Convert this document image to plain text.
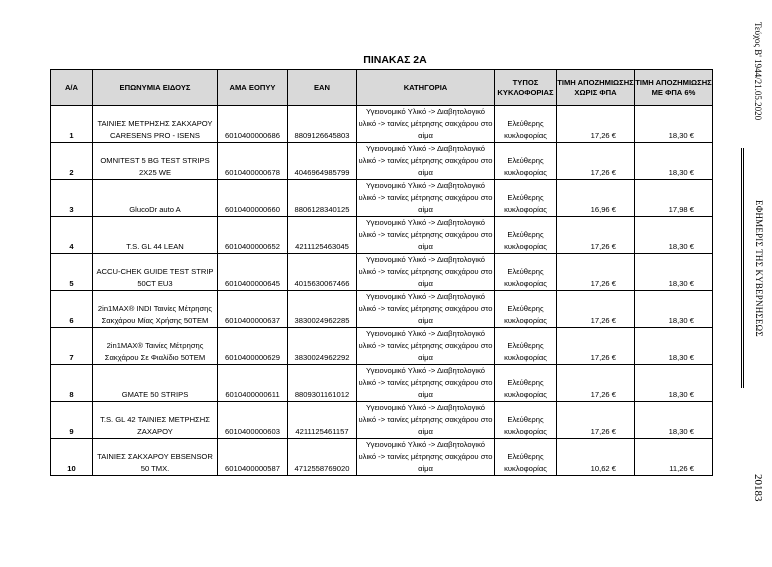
ΠΙΝΑΚΑΣ 2Α
Α/Α	ΕΠΩΝΥΜΙΑ ΕΙΔΟΥΣ	ΑΜΑ ΕΟΠΥΥ	ΕΑΝ	ΚΑΤΗΓΟΡΙΑ	ΤΥΠΟΣ ΚΥΚΛΟΦΟΡΙΑΣ	ΤΙΜΗ ΑΠΟΖΗΜΙΩΣΗΣ ΧΩΡΙΣ ΦΠΑ	ΤΙΜΗ ΑΠΟΖΗΜΙΩΣΗΣ ΜΕ ΦΠΑ 6%
1	ΤΑΙΝΙΕΣ ΜΕΤΡΗΣΗΣ ΣΑΚΧΑΡΟΥ CARESENS PRO - ISENS	6010400000686	8809126645803	Υγειονομικό Υλικό -> Διαβητολογικό υλικό -> ταινίες μέτρησης σακχάρου στο αίμα	Ελεύθερης κυκλοφορίας	17,26 €	18,30 €
2	OMNITEST 5 BG TEST STRIPS 2X25 WE	6010400000678	4046964985799	Υγειονομικό Υλικό -> Διαβητολογικό υλικό -> ταινίες μέτρησης σακχάρου στο αίμα	Ελεύθερης κυκλοφορίας	17,26 €	18,30 €
3	GlucoDr auto A	6010400000660	8806128340125	Υγειονομικό Υλικό -> Διαβητολογικό υλικό -> ταινίες μέτρησης σακχάρου στο αίμα	Ελεύθερης κυκλοφορίας	16,96 €	17,98 €
4	T.S. GL 44 LEAN	6010400000652	4211125463045	Υγειονομικό Υλικό -> Διαβητολογικό υλικό -> ταινίες μέτρησης σακχάρου στο αίμα	Ελεύθερης κυκλοφορίας	17,26 €	18,30 €
5	ACCU-CHEK GUIDE TEST STRIP 50CT EU3	6010400000645	4015630067466	Υγειονομικό Υλικό -> Διαβητολογικό υλικό -> ταινίες μέτρησης σακχάρου στο αίμα	Ελεύθερης κυκλοφορίας	17,26 €	18,30 €
6	2in1MAX® INDI Ταινίες Μέτρησης Σακχάρου Μίας Χρήσης 50TEM	6010400000637	3830024962285	Υγειονομικό Υλικό -> Διαβητολογικό υλικό -> ταινίες μέτρησης σακχάρου στο αίμα	Ελεύθερης κυκλοφορίας	17,26 €	18,30 €
7	2in1MAX® Ταινίες Μέτρησης Σακχάρου Σε Φιαλίδιο 50TEM	6010400000629	3830024962292	Υγειονομικό Υλικό -> Διαβητολογικό υλικό -> ταινίες μέτρησης σακχάρου στο αίμα	Ελεύθερης κυκλοφορίας	17,26 €	18,30 €
8	GMATE 50 STRIPS	6010400000611	8809301161012	Υγειονομικό Υλικό -> Διαβητολογικό υλικό -> ταινίες μέτρησης σακχάρου στο αίμα	Ελεύθερης κυκλοφορίας	17,26 €	18,30 €
9	T.S. GL 42 ΤΑΙΝΙΕΣ ΜΕΤΡΗΣΗΣ ΖΑΧΑΡΟΥ	6010400000603	4211125461157	Υγειονομικό Υλικό -> Διαβητολογικό υλικό -> ταινίες μέτρησης σακχάρου στο αίμα	Ελεύθερης κυκλοφορίας	17,26 €	18,30 €
10	ΤΑΙΝΙΕΣ ΣΑΚΧΑΡΟΥ EBSENSOR 50 TMX.	6010400000587	4712558769020	Υγειονομικό Υλικό -> Διαβητολογικό υλικό -> ταινίες μέτρησης σακχάρου στο αίμα	Ελεύθερης κυκλοφορίας	10,62 €	11,26 €
Τεύχος Β' 1944/21.05.2020
ΕΦΗΜΕΡΙΣ ΤΗΣ ΚΥΒΕΡΝΗΣΕΩΣ
20183
